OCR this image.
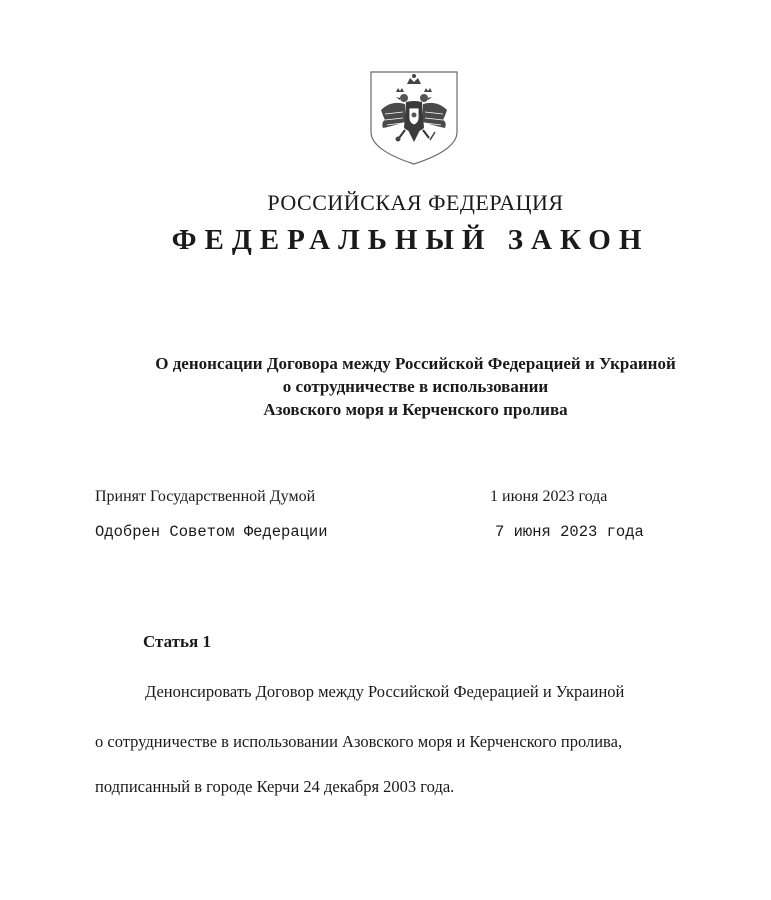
РОССИЙСКАЯ ФЕДЕРАЦИЯ
ФЕДЕРАЛЬНЫЙ ЗАКОН
О денонсации Договора между Российской Федерацией и Украиной
о сотрудничестве в использовании
Азовского моря и Керченского пролива
Принят Государственной Думой	1 июня 2023 года
Одобрен Советом Федерации	7 июня 2023 года
Статья 1
Денонсировать Договор между Российской Федерацией и Украиной
о сотрудничестве в использовании Азовского моря и Керченского пролива,
подписанный в городе Керчи 24 декабря 2003 года.
